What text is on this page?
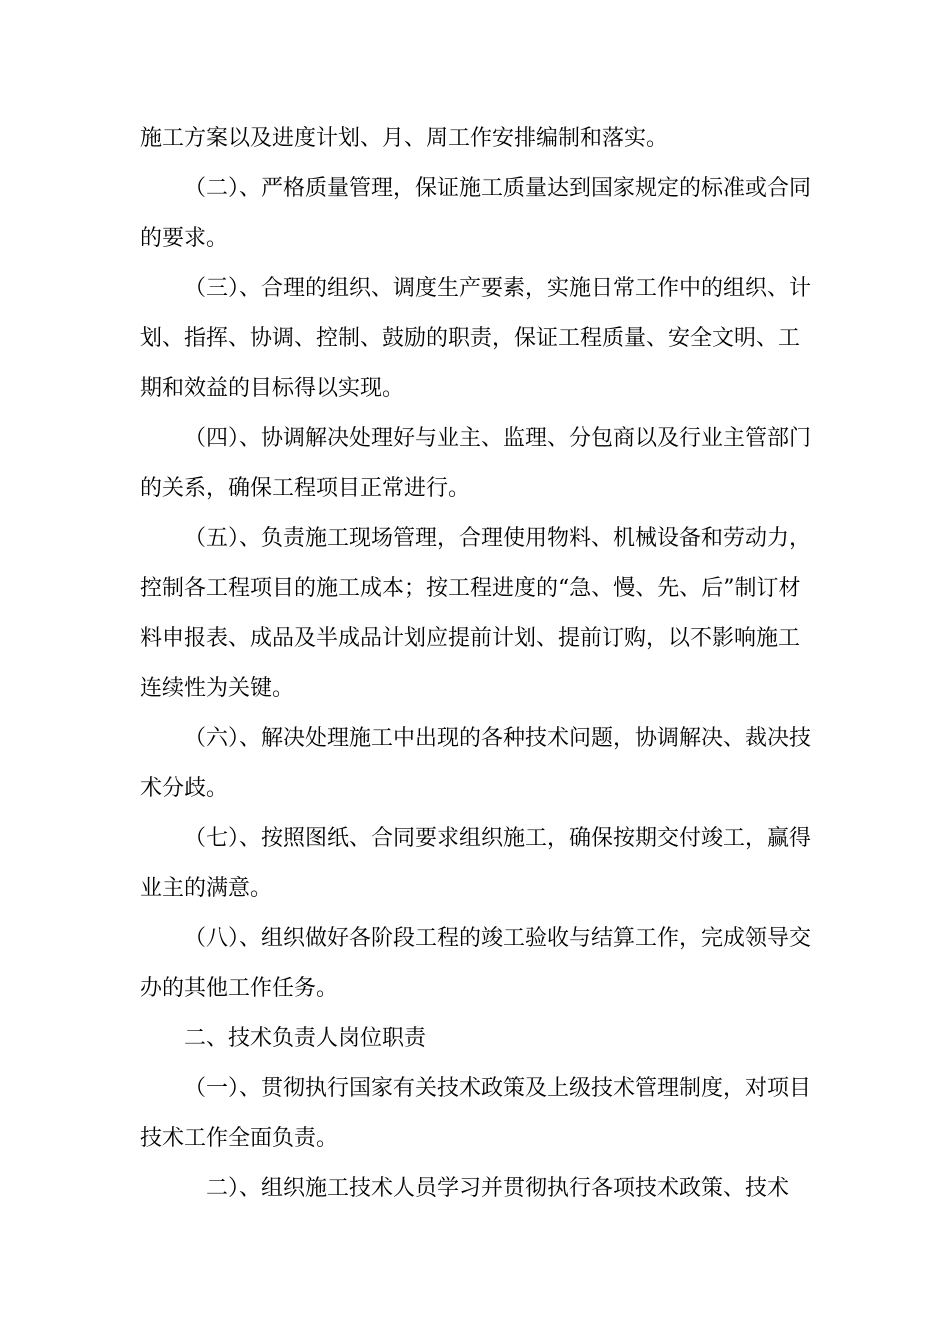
施工方案以及进度计划、月、周工作安排编制和落实。

（二）、严格质量管理，保证施工质量达到国家规定的标准或合同的要求。

（三）、合理的组织、调度生产要素，实施日常工作中的组织、计划、指挥、协调、控制、鼓励的职责，保证工程质量、安全文明、工期和效益的目标得以实现。

（四）、协调解决处理好与业主、监理、分包商以及行业主管部门的关系，确保工程项目正常进行。

（五）、负责施工现场管理，合理使用物料、机械设备和劳动力，控制各工程项目的施工成本；按工程进度的“急、慢、先、后”制订材料申报表、成品及半成品计划应提前计划、提前订购，以不影响施工连续性为关键。

（六）、解决处理施工中出现的各种技术问题，协调解决、裁决技术分歧。

（七）、按照图纸、合同要求组织施工，确保按期交付竣工，赢得业主的满意。

（八）、组织做好各阶段工程的竣工验收与结算工作，完成领导交办的其他工作任务。

二、技术负责人岗位职责

（一）、贯彻执行国家有关技术政策及上级技术管理制度，对项目技术工作全面负责。

二）、组织施工技术人员学习并贯彻执行各项技术政策、技术
